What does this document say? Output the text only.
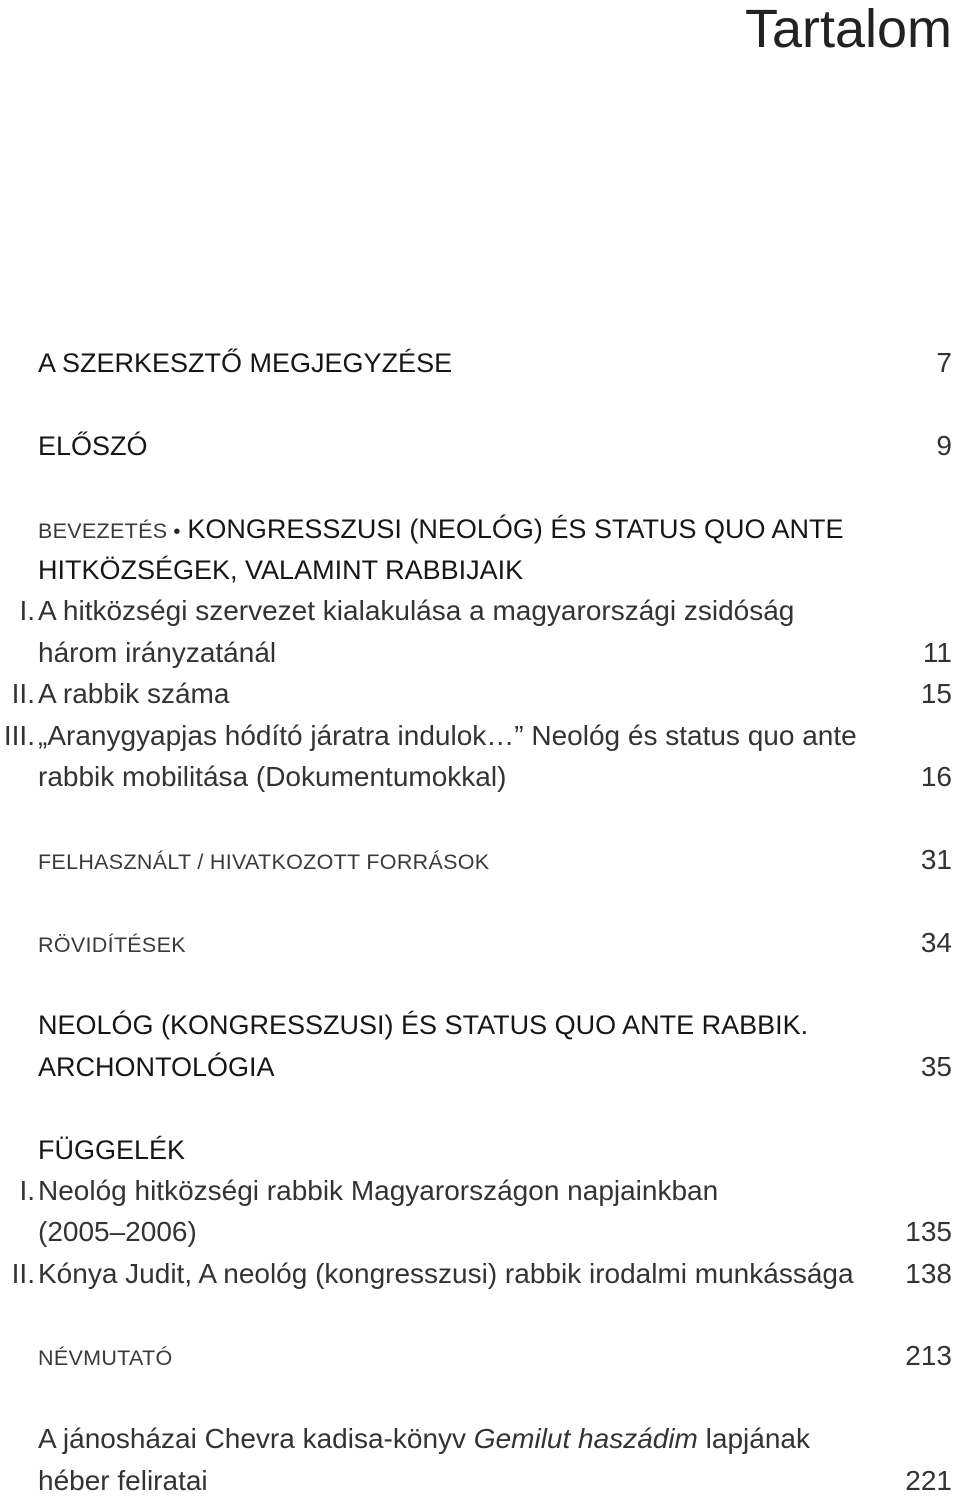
Tartalom
A SZERKESZTŐ MEGJEGYZÉSE	7
ELŐSZÓ	9
BEVEZETÉS • KONGRESSZUSI (NEOLÓG) ÉS STATUS QUO ANTE
HITKÖZSÉGEK, VALAMINT RABBIJAIK
I. A hitközségi szervezet kialakulása a magyarországi zsidóság
három irányzatánál	11
II. A rabbik száma	15
III. „Aranygyapjas hódító járatra indulok…” Neológ és status quo ante
rabbik mobilitása (Dokumentumokkal)	16
FELHASZNÁLT / HIVATKOZOTT FORRÁSOK	31
RÖVIDÍTÉSEK	34
NEOLÓG (KONGRESSZUSI) ÉS STATUS QUO ANTE RABBIK.
ARCHONTOLÓGIA	35
FÜGGELÉK
I. Neológ hitközségi rabbik Magyarországon napjainkban
(2005–2006)	135
II. Kónya Judit, A neológ (kongresszusi) rabbik irodalmi munkássága 138
NÉVMUTATÓ	213
A jánosházai Chevra kadisa-könyv Gemilut haszádim lapjának
héber feliratai	221
